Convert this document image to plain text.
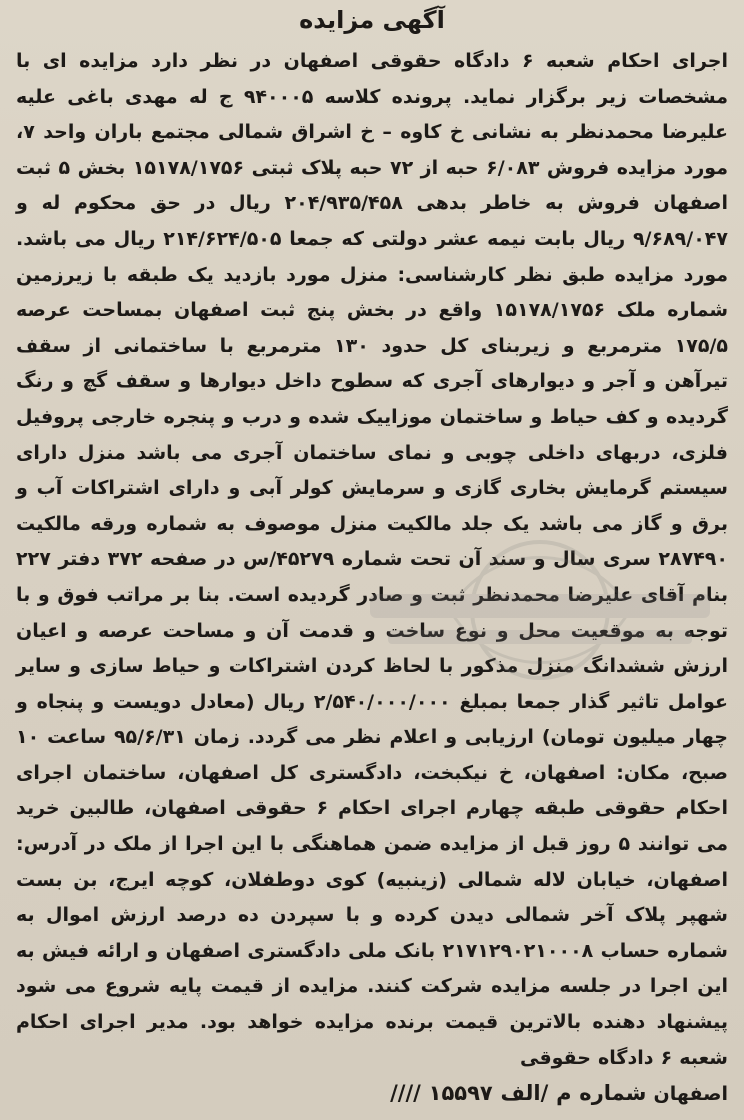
آگهی مزایده

اجرای احکام شعبه ۶ دادگاه حقوقی اصفهان در نظر دارد مزایده ای با مشخصات زیر برگزار نماید. پرونده کلاسه ۹۴۰۰۰۵ ج له مهدی باغی علیه علیرضا محمدنظر به نشانی خ کاوه – خ اشراق شمالی مجتمع باران واحد ۷، مورد مزایده فروش ۶/۰۸۳ حبه از ۷۲ حبه پلاک ثبتی ۱۵۱۷۸/۱۷۵۶ بخش ۵ ثبت اصفهان فروش به خاطر بدهی ۲۰۴/۹۳۵/۴۵۸ ریال در حق محکوم له و ۹/۶۸۹/۰۴۷ ریال بابت نیمه عشر دولتی که جمعا ۲۱۴/۶۲۴/۵۰۵ ریال می باشد. مورد مزایده طبق نظر کارشناسی: منزل مورد بازدید یک طبقه با زیرزمین شماره ملک ۱۵۱۷۸/۱۷۵۶ واقع در بخش پنج ثبت اصفهان بمساحت عرصه ۱۷۵/۵ مترمربع و زیربنای کل حدود ۱۳۰ مترمربع با ساختمانی از سقف تیرآهن و آجر و دیوارهای آجری که سطوح داخل دیوارها و سقف گچ و رنگ گردیده و کف حیاط و ساختمان موزاییک شده و درب و پنجره خارجی پروفیل فلزی، دربهای داخلی چوبی و نمای ساختمان آجری می باشد منزل دارای سیستم گرمایش بخاری گازی و سرمایش کولر آبی و دارای اشتراکات آب و برق و گاز می باشد یک جلد مالکیت منزل موصوف به شماره ورقه مالکیت ۲۸۷۴۹۰ سری سال و سند آن تحت شماره ۴۵۲۷۹/س در صفحه ۳۷۲ دفتر ۲۲۷ بنام آقای علیرضا محمدنظر ثبت و صادر گردیده است. بنا بر مراتب فوق و با توجه به موقعیت محل و نوع ساخت و قدمت آن و مساحت عرصه و اعیان ارزش ششدانگ منزل مذکور با لحاظ کردن اشتراکات و حیاط سازی و سایر عوامل تاثیر گذار جمعا بمبلغ ۲/۵۴۰/۰۰۰/۰۰۰ ریال (معادل دویست و پنجاه و چهار میلیون تومان) ارزیابی و اعلام نظر می گردد. زمان ۹۵/۶/۳۱ ساعت ۱۰ صبح، مکان: اصفهان، خ نیکبخت، دادگستری کل اصفهان، ساختمان اجرای احکام حقوقی طبقه چهارم اجرای احکام ۶ حقوقی اصفهان، طالبین خرید می توانند ۵ روز قبل از مزایده ضمن هماهنگی با این اجرا از ملک در آدرس: اصفهان، خیابان لاله شمالی (زینبیه) کوی دوطفلان، کوچه ایرج، بن بست شهپر پلاک آخر شمالی دیدن کرده و با سپردن ده درصد ارزش اموال به شماره حساب ۲۱۷۱۲۹۰۲۱۰۰۰۸ بانک ملی دادگستری اصفهان و ارائه فیش به این اجرا در جلسه مزایده شرکت کنند. مزایده از قیمت پایه شروع می شود پیشنهاد دهنده بالاترین قیمت برنده مزایده خواهد بود. مدیر اجرای احکام شعبه ۶ دادگاه حقوقی

اصفهان شماره م /الف ۱۵۵۹۷ ////
